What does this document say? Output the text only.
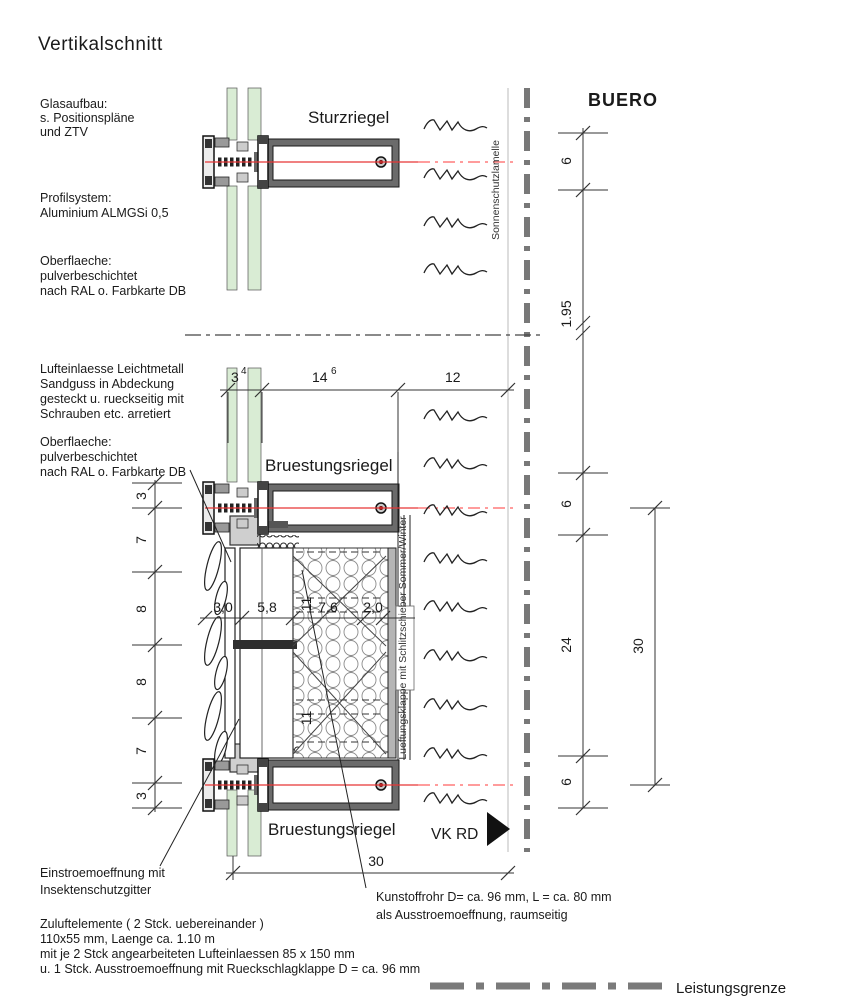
3 4	14 6	12
3,0 5,8	7,6 2,0
11
11
3
7
8
8
7
3
6
1.95
6
24
6
30
30
Vertikalschnitt
Glasaufbau:
s. Positionspläne
und ZTV
Profilsystem:
Aluminium ALMGSi 0,5
Oberflaeche:
pulverbeschichtet
nach RAL o. Farbkarte DB
Lufteinlaesse Leichtmetall
Sandguss in Abdeckung
gesteckt u. rueckseitig mit
Schrauben etc. arretiert
Oberflaeche:
pulverbeschichtet
nach RAL o. Farbkarte DB
Einstroemoeffnung mit
Insektenschutzgitter
Zuluftelemente ( 2 Stck. uebereinander )
110x55 mm, Laenge ca. 1.10 m
mit je 2 Stck angearbeiteten Lufteinlaessen 85 x 150 mm
u. 1 Stck. Ausstroemoeffnung mit Rueckschlagklappe D = ca. 96 mm
Kunstoffrohr D= ca. 96 mm, L = ca. 80 mm
als Ausstroemoeffnung, raumseitig
Sturzriegel
Bruestungsriegel
Bruestungsriegel
BUERO
VK RD
Leistungsgrenze
Sonnenschutzlamelle
Lueftungsklappe mit Schlitzschieber Sommer/Winter
